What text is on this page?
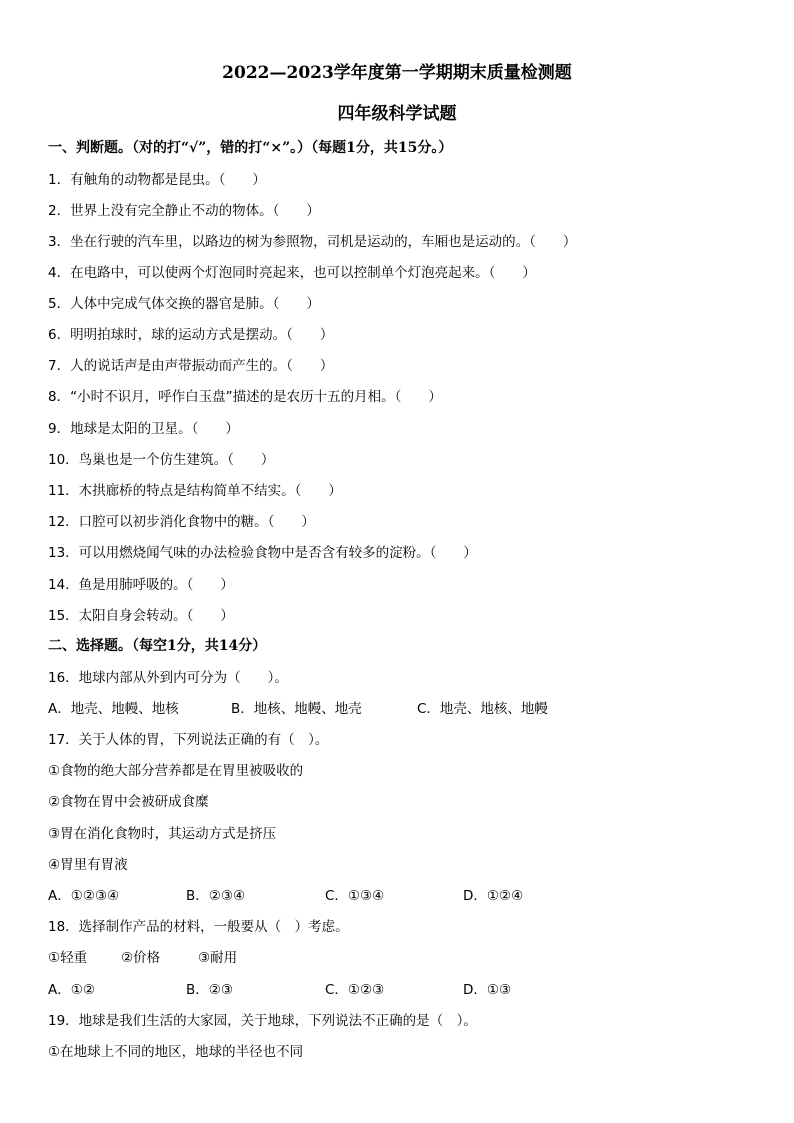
2022—2023学年度第一学期期末质量检测题
四年级科学试题
一、判断题。（对的打“√”，错的打“×”。）（每题1分，共15分。）
1．有触角的动物都是昆虫。（　　）
2．世界上没有完全静止不动的物体。（　　）
3．坐在行驶的汽车里，以路边的树为参照物，司机是运动的，车厢也是运动的。（　　）
4．在电路中，可以使两个灯泡同时亮起来，也可以控制单个灯泡亮起来。（　　）
5．人体中完成气体交换的器官是肺。（　　）
6．明明拍球时，球的运动方式是摆动。（　　）
7．人的说话声是由声带振动而产生的。（　　）
8．“小时不识月，呼作白玉盘”描述的是农历十五的月相。（　　）
9．地球是太阳的卫星。（　　）
10．鸟巢也是一个仿生建筑。（　　）
11．木拱廊桥的特点是结构简单不结实。（　　）
12．口腔可以初步消化食物中的糖。（　　）
13．可以用燃烧闻气味的办法检验食物中是否含有较多的淀粉。（　　）
14．鱼是用肺呼吸的。（　　）
15．太阳自身会转动。（　　）
二、选择题。（每空1分，共14分）
16．地球内部从外到内可分为（　　）。
A．地壳、地幔、地核	B．地核、地幔、地壳	C．地壳、地核、地幔
17．关于人体的胃，下列说法正确的有（　）。
①食物的绝大部分营养都是在胃里被吸收的
②食物在胃中会被研成食糜
③胃在消化食物时，其运动方式是挤压
④胃里有胃液
A．①②③④	B．②③④	C．①③④	D．①②④
18．选择制作产品的材料，一般要从（　）考虑。
①轻重	②价格	③耐用
A．①②	B．②③	C．①②③	D．①③
19．地球是我们生活的大家园，关于地球，下列说法不正确的是（　）。
①在地球上不同的地区，地球的半径也不同
